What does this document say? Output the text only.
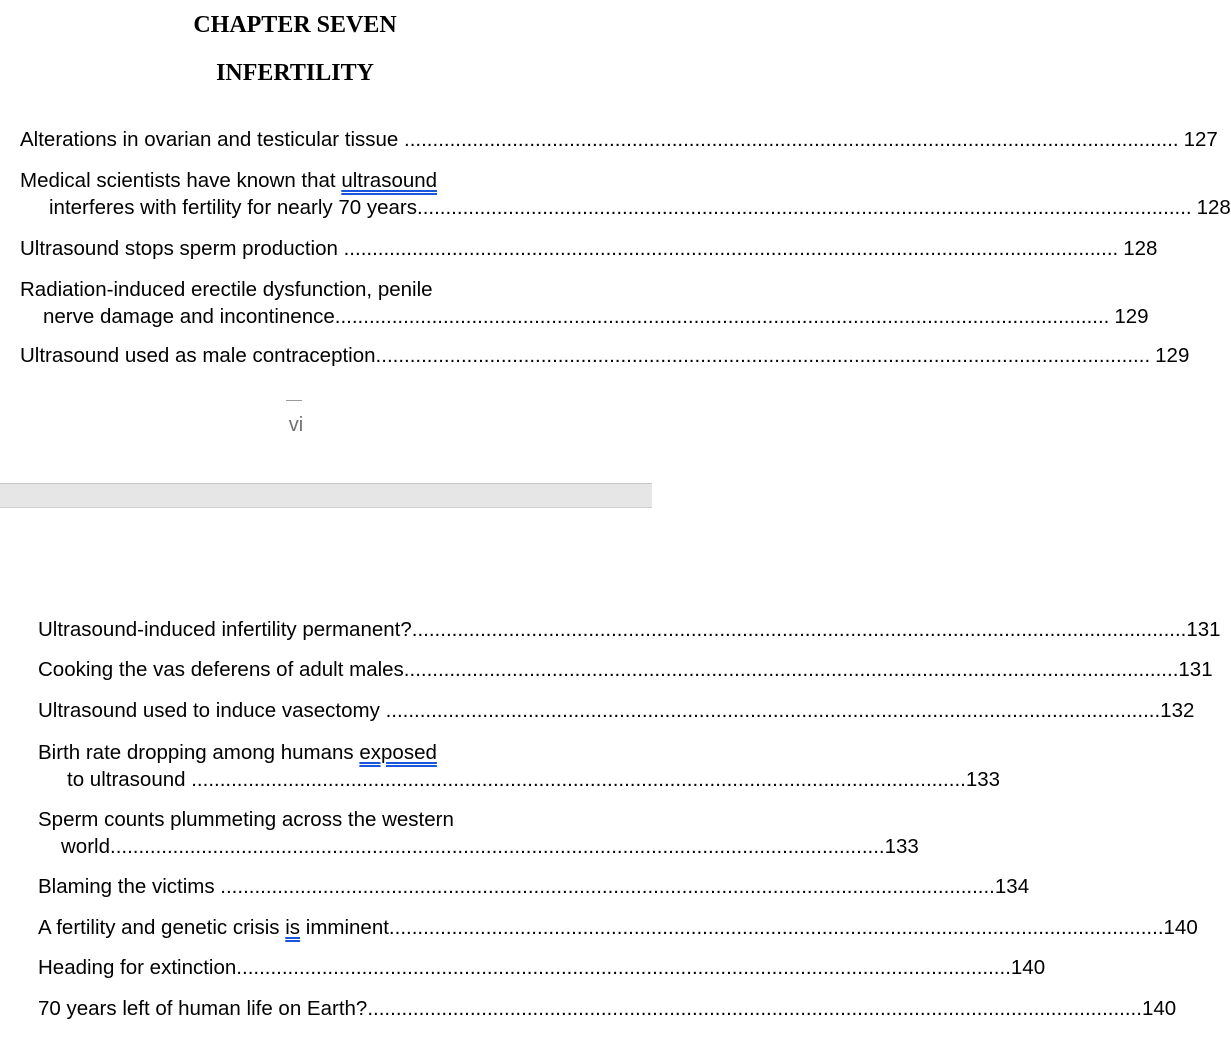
CHAPTER SEVEN
INFERTILITY
Alterations in ovarian and testicular tissue .....	127
Medical scientists have known that ultrasound
interferes with fertility for nearly 70 years .....	128
Ultrasound stops sperm production .....	128
Radiation-induced erectile dysfunction, penile
nerve damage and incontinence .....	129
Ultrasound used as male contraception .....	129
vi
Ultrasound-induced infertility permanent? .....	131
Cooking the vas deferens of adult males .....	131
Ultrasound used to induce vasectomy .....	132
Birth rate dropping among humans exposed
to ultrasound .....	133
Sperm counts plummeting across the western
world .....	133
Blaming the victims .....	134
A fertility and genetic crisis is imminent .....	140
Heading for extinction .....	140
70 years left of human life on Earth? .....	140
